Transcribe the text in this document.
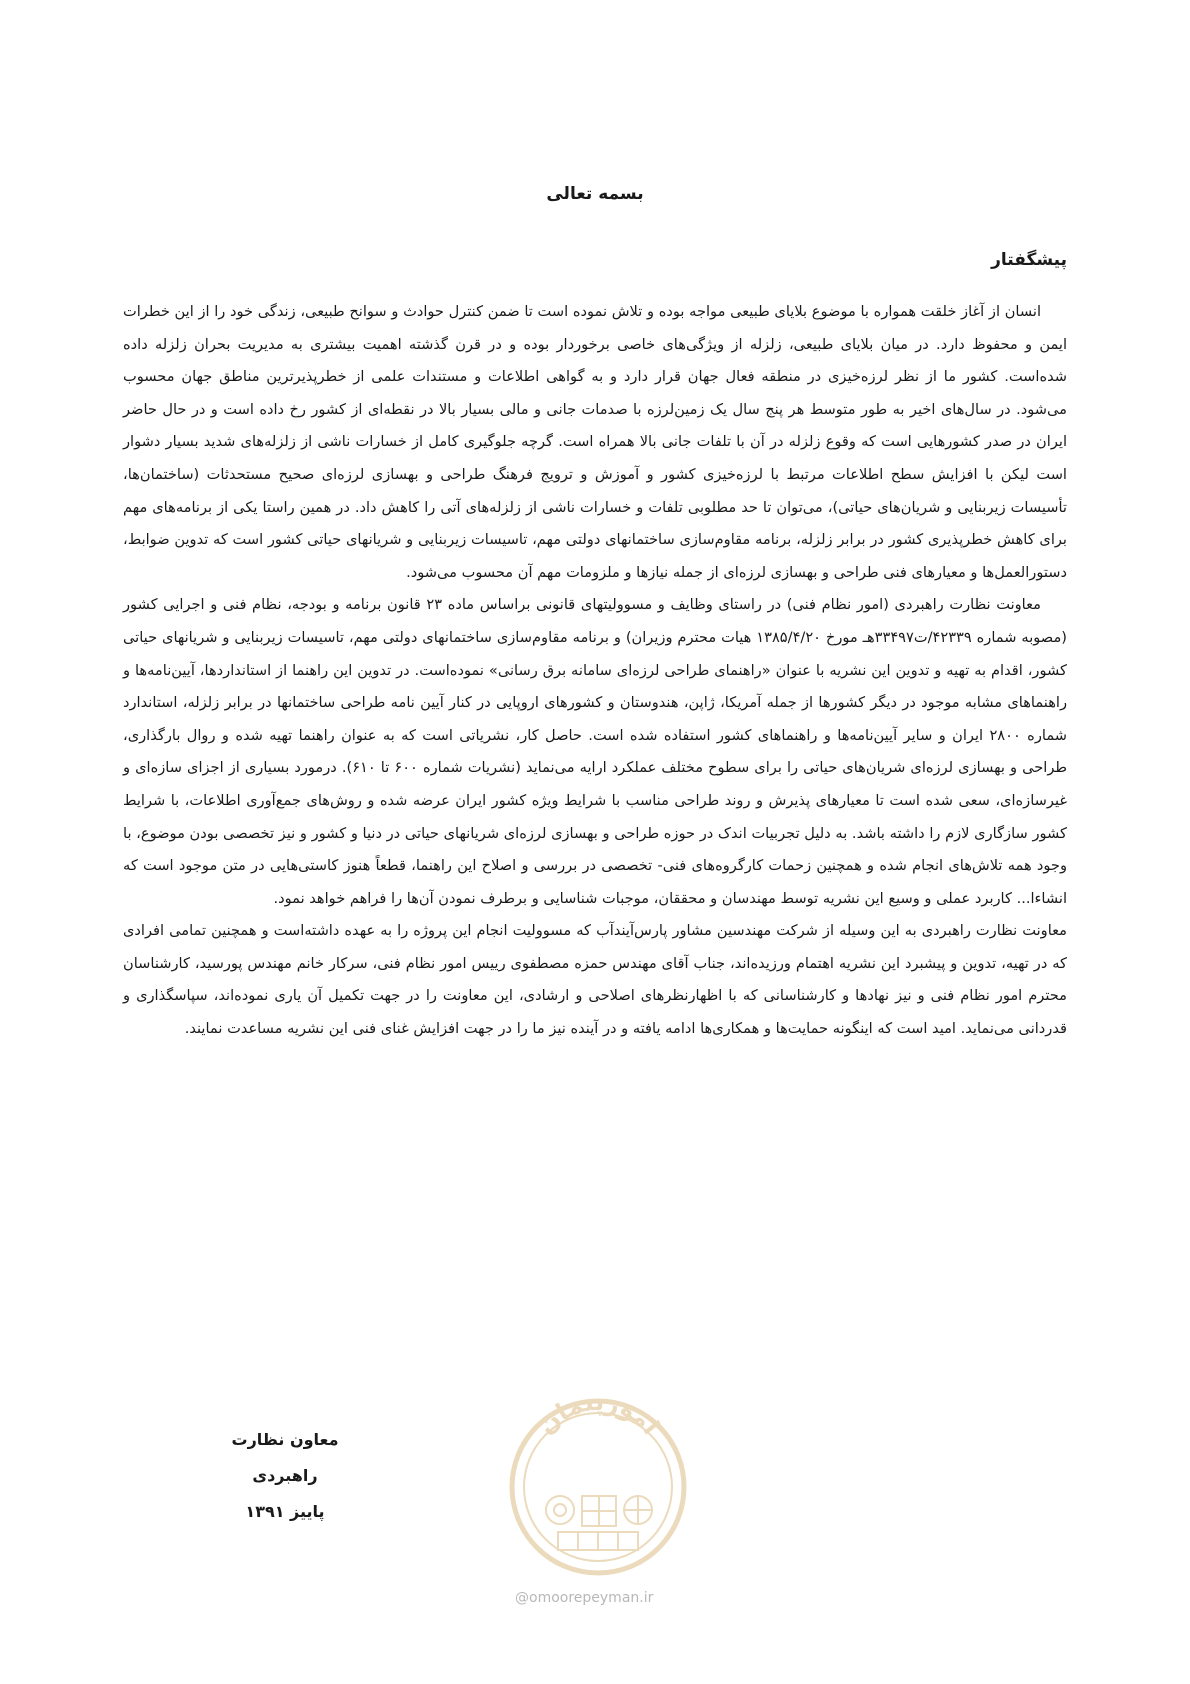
بسمه تعالی
پیشگفتار

انسان از آغاز خلقت همواره با موضوع بلایای طبیعی مواجه بوده و تلاش نموده است تا ضمن کنترل حوادث و سوانح طبیعی، زندگی خود را از این خطرات ایمن و محفوظ دارد. در میان بلایای طبیعی، زلزله از ویژگی‌های خاصی برخوردار بوده و در قرن گذشته اهمیت بیشتری به مدیریت بحران زلزله داده شده‌است. کشور ما از نظر لرزه‌خیزی در منطقه فعال جهان قرار دارد و به گواهی اطلاعات و مستندات علمی از خطرپذیرترین مناطق جهان محسوب می‌شود. در سال‌های اخیر به طور متوسط هر پنج سال یک زمین‌لرزه با صدمات جانی و مالی بسیار بالا در نقطه‌ای از کشور رخ داده است و در حال حاضر ایران در صدر کشورهایی است که وقوع زلزله در آن با تلفات جانی بالا همراه است. گرچه جلوگیری کامل از خسارات ناشی از زلزله‌های شدید بسیار دشوار است لیکن با افزایش سطح اطلاعات مرتبط با لرزه‌خیزی کشور و آموزش و ترویج فرهنگ طراحی و بهسازی لرزه‌ای صحیح مستحدثات (ساختمان‌ها، تأسیسات زیربنایی و شریان‌های حیاتی)، می‌توان تا حد مطلوبی تلفات و خسارات ناشی از زلزله‌های آتی را کاهش داد. در همین راستا یکی از برنامه‌های مهم برای کاهش خطرپذیری کشور در برابر زلزله، برنامه مقاوم‌سازی ساختمانهای دولتی مهم، تاسیسات زیربنایی و شریانهای حیاتی کشور است که تدوین ضوابط، دستورالعمل‌ها و معیارهای فنی طراحی و بهسازی لرزه‌ای از جمله نیازها و ملزومات مهم آن محسوب می‌شود.

معاونت نظارت راهبردی (امور نظام فنی) در راستای وظایف و مسوولیتهای قانونی براساس ماده ۲۳ قانون برنامه و بودجه، نظام فنی و اجرایی کشور (مصوبه شماره ۴۲۳۳۹/ت۳۳۴۹۷هـ مورخ ۱۳۸۵/۴/۲۰ هیات محترم وزیران) و برنامه مقاوم‌سازی ساختمانهای دولتی مهم، تاسیسات زیربنایی و شریانهای حیاتی کشور، اقدام به تهیه و تدوین این نشریه با عنوان «راهنمای طراحی لرزه‌ای سامانه برق رسانی» نموده‌است. در تدوین این راهنما از استانداردها، آیین‌نامه‌ها و راهنماهای مشابه موجود در دیگر کشورها از جمله آمریکا، ژاپن، هندوستان و کشورهای اروپایی در کنار آیین نامه طراحی ساختمانها در برابر زلزله، استاندارد شماره ۲۸۰۰ ایران و سایر آیین‌نامه‌ها و راهنماهای کشور استفاده شده است. حاصل کار، نشریاتی است که به عنوان راهنما تهیه شده و روال بارگذاری، طراحی و بهسازی لرزه‌ای شریان‌های حیاتی را برای سطوح مختلف عملکرد ارایه می‌نماید (نشریات شماره ۶۰۰ تا ۶۱۰). درمورد بسیاری از اجزای سازه‌ای و غیرسازه‌ای، سعی شده است تا معیارهای پذیرش و روند طراحی مناسب با شرایط ویژه کشور ایران عرضه شده و روش‌های جمع‌آوری اطلاعات، با شرایط کشور سازگاری لازم را داشته باشد. به دلیل تجربیات اندک در حوزه طراحی و بهسازی لرزه‌ای شریانهای حیاتی در دنیا و کشور و نیز تخصصی بودن موضوع، با وجود همه تلاش‌های انجام شده و همچنین زحمات کارگروه‌های فنی- تخصصی در بررسی و اصلاح این راهنما، قطعاً هنوز کاستی‌هایی در متن موجود است که انشاءا... کاربرد عملی و وسیع این نشریه توسط مهندسان و محققان، موجبات شناسایی و برطرف نمودن آن‌ها را فراهم خواهد نمود.

معاونت نظارت راهبردی به این وسیله از شرکت مهندسین مشاور پارس‌آیندآب که مسوولیت انجام این پروژه را به عهده داشته‌است و همچنین تمامی افرادی که در تهیه، تدوین و پیشبرد این نشریه اهتمام ورزیده‌اند، جناب آقای مهندس حمزه مصطفوی رییس امور نظام فنی، سرکار خانم مهندس پورسید، کارشناسان محترم امور نظام فنی و نیز نهادها و کارشناسانی که با اظهارنظرهای اصلاحی و ارشادی، این معاونت را در جهت تکمیل آن یاری نموده‌اند، سپاسگذاری و قدردانی می‌نماید. امید است که اینگونه حمایت‌ها و همکاری‌ها ادامه یافته و در آینده نیز ما را در جهت افزایش غنای فنی این نشریه مساعدت نمایند.

معاون نظارت راهبردی
پاییز ۱۳۹۱
امورپیمان
@omoorepeyman.ir
